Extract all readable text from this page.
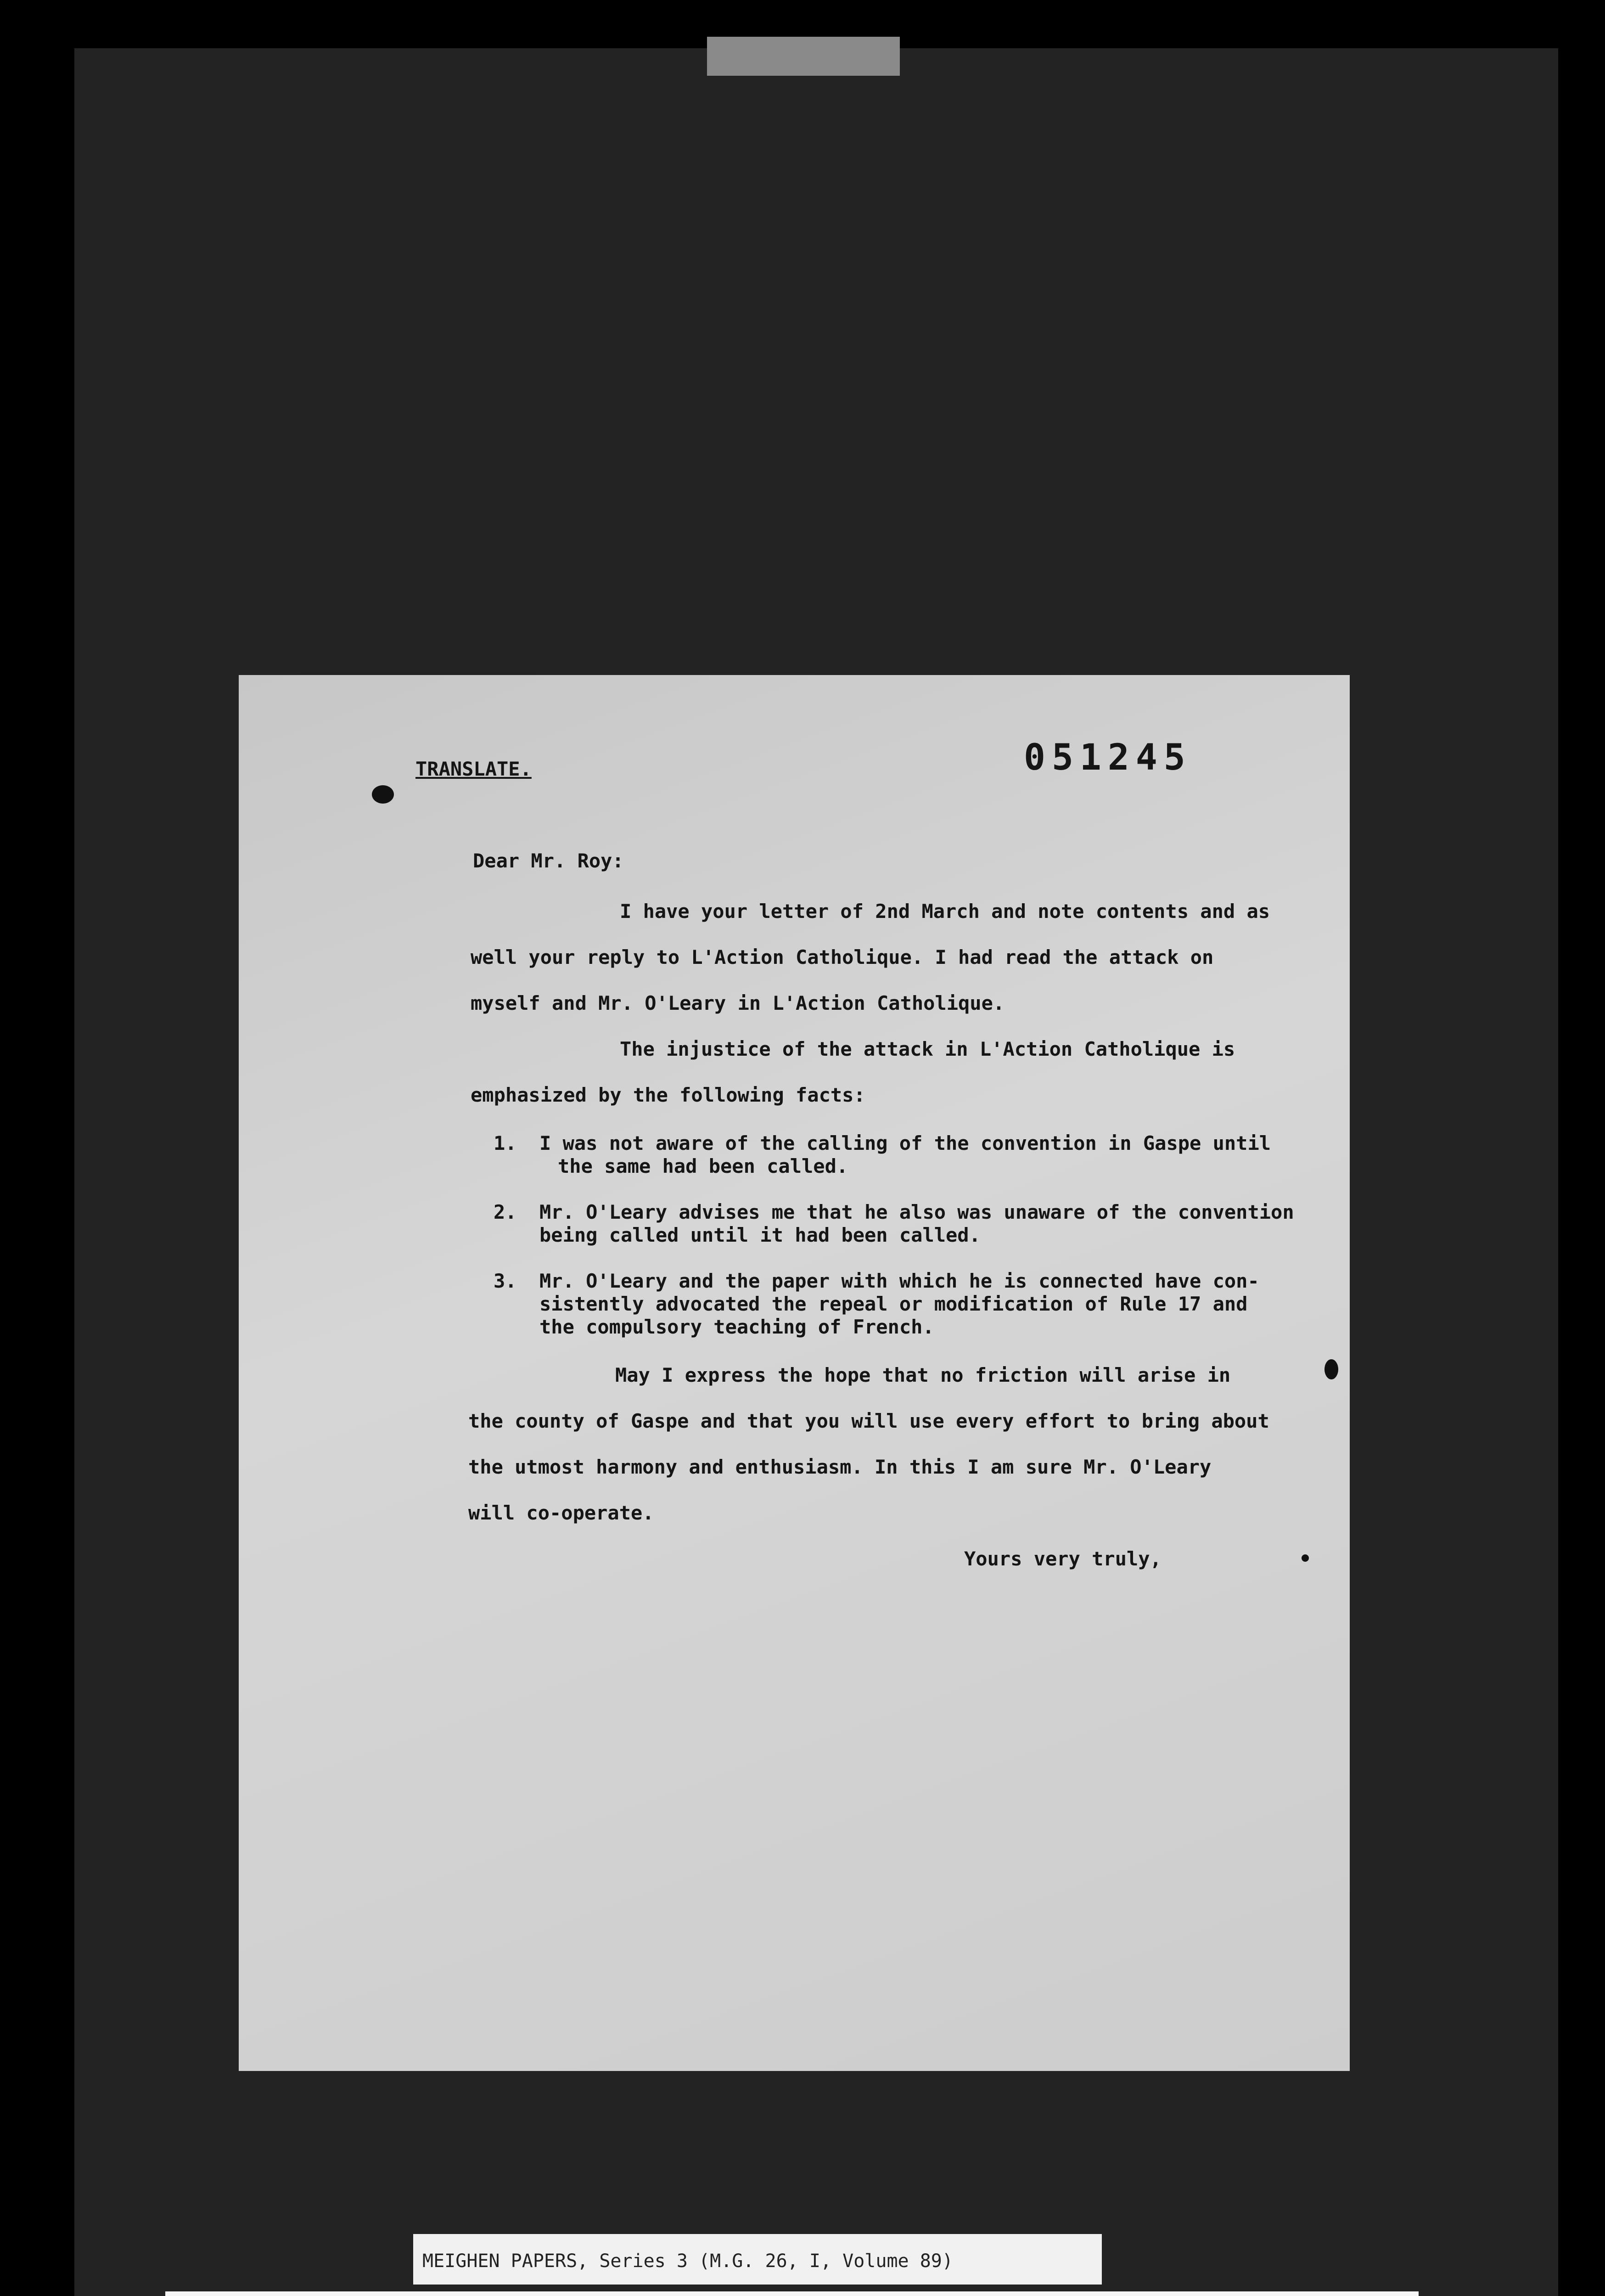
TRANSLATE.	051245
Dear Mr. Roy:
I have your letter of 2nd March and note contents and as
well your reply to L'Action Catholique. I had read the attack on
myself and Mr. O'Leary in L'Action Catholique.
The injustice of the attack in L'Action Catholique is
emphasized by the following facts:
1. I was not aware of the calling of the convention in Gaspe until
the same had been called.
2. Mr. O'Leary advises me that he also was unaware of the convention
being called until it had been called.
3. Mr. O'Leary and the paper with which he is connected have con-
sistently advocated the repeal or modification of Rule 17 and
the compulsory teaching of French.
May I express the hope that no friction will arise in
the county of Gaspe and that you will use every effort to bring about
the utmost harmony and enthusiasm. In this I am sure Mr. O'Leary
will co-operate.
Yours very truly,
MEIGHEN PAPERS, Series 3 (M.G. 26, I, Volume 89)
